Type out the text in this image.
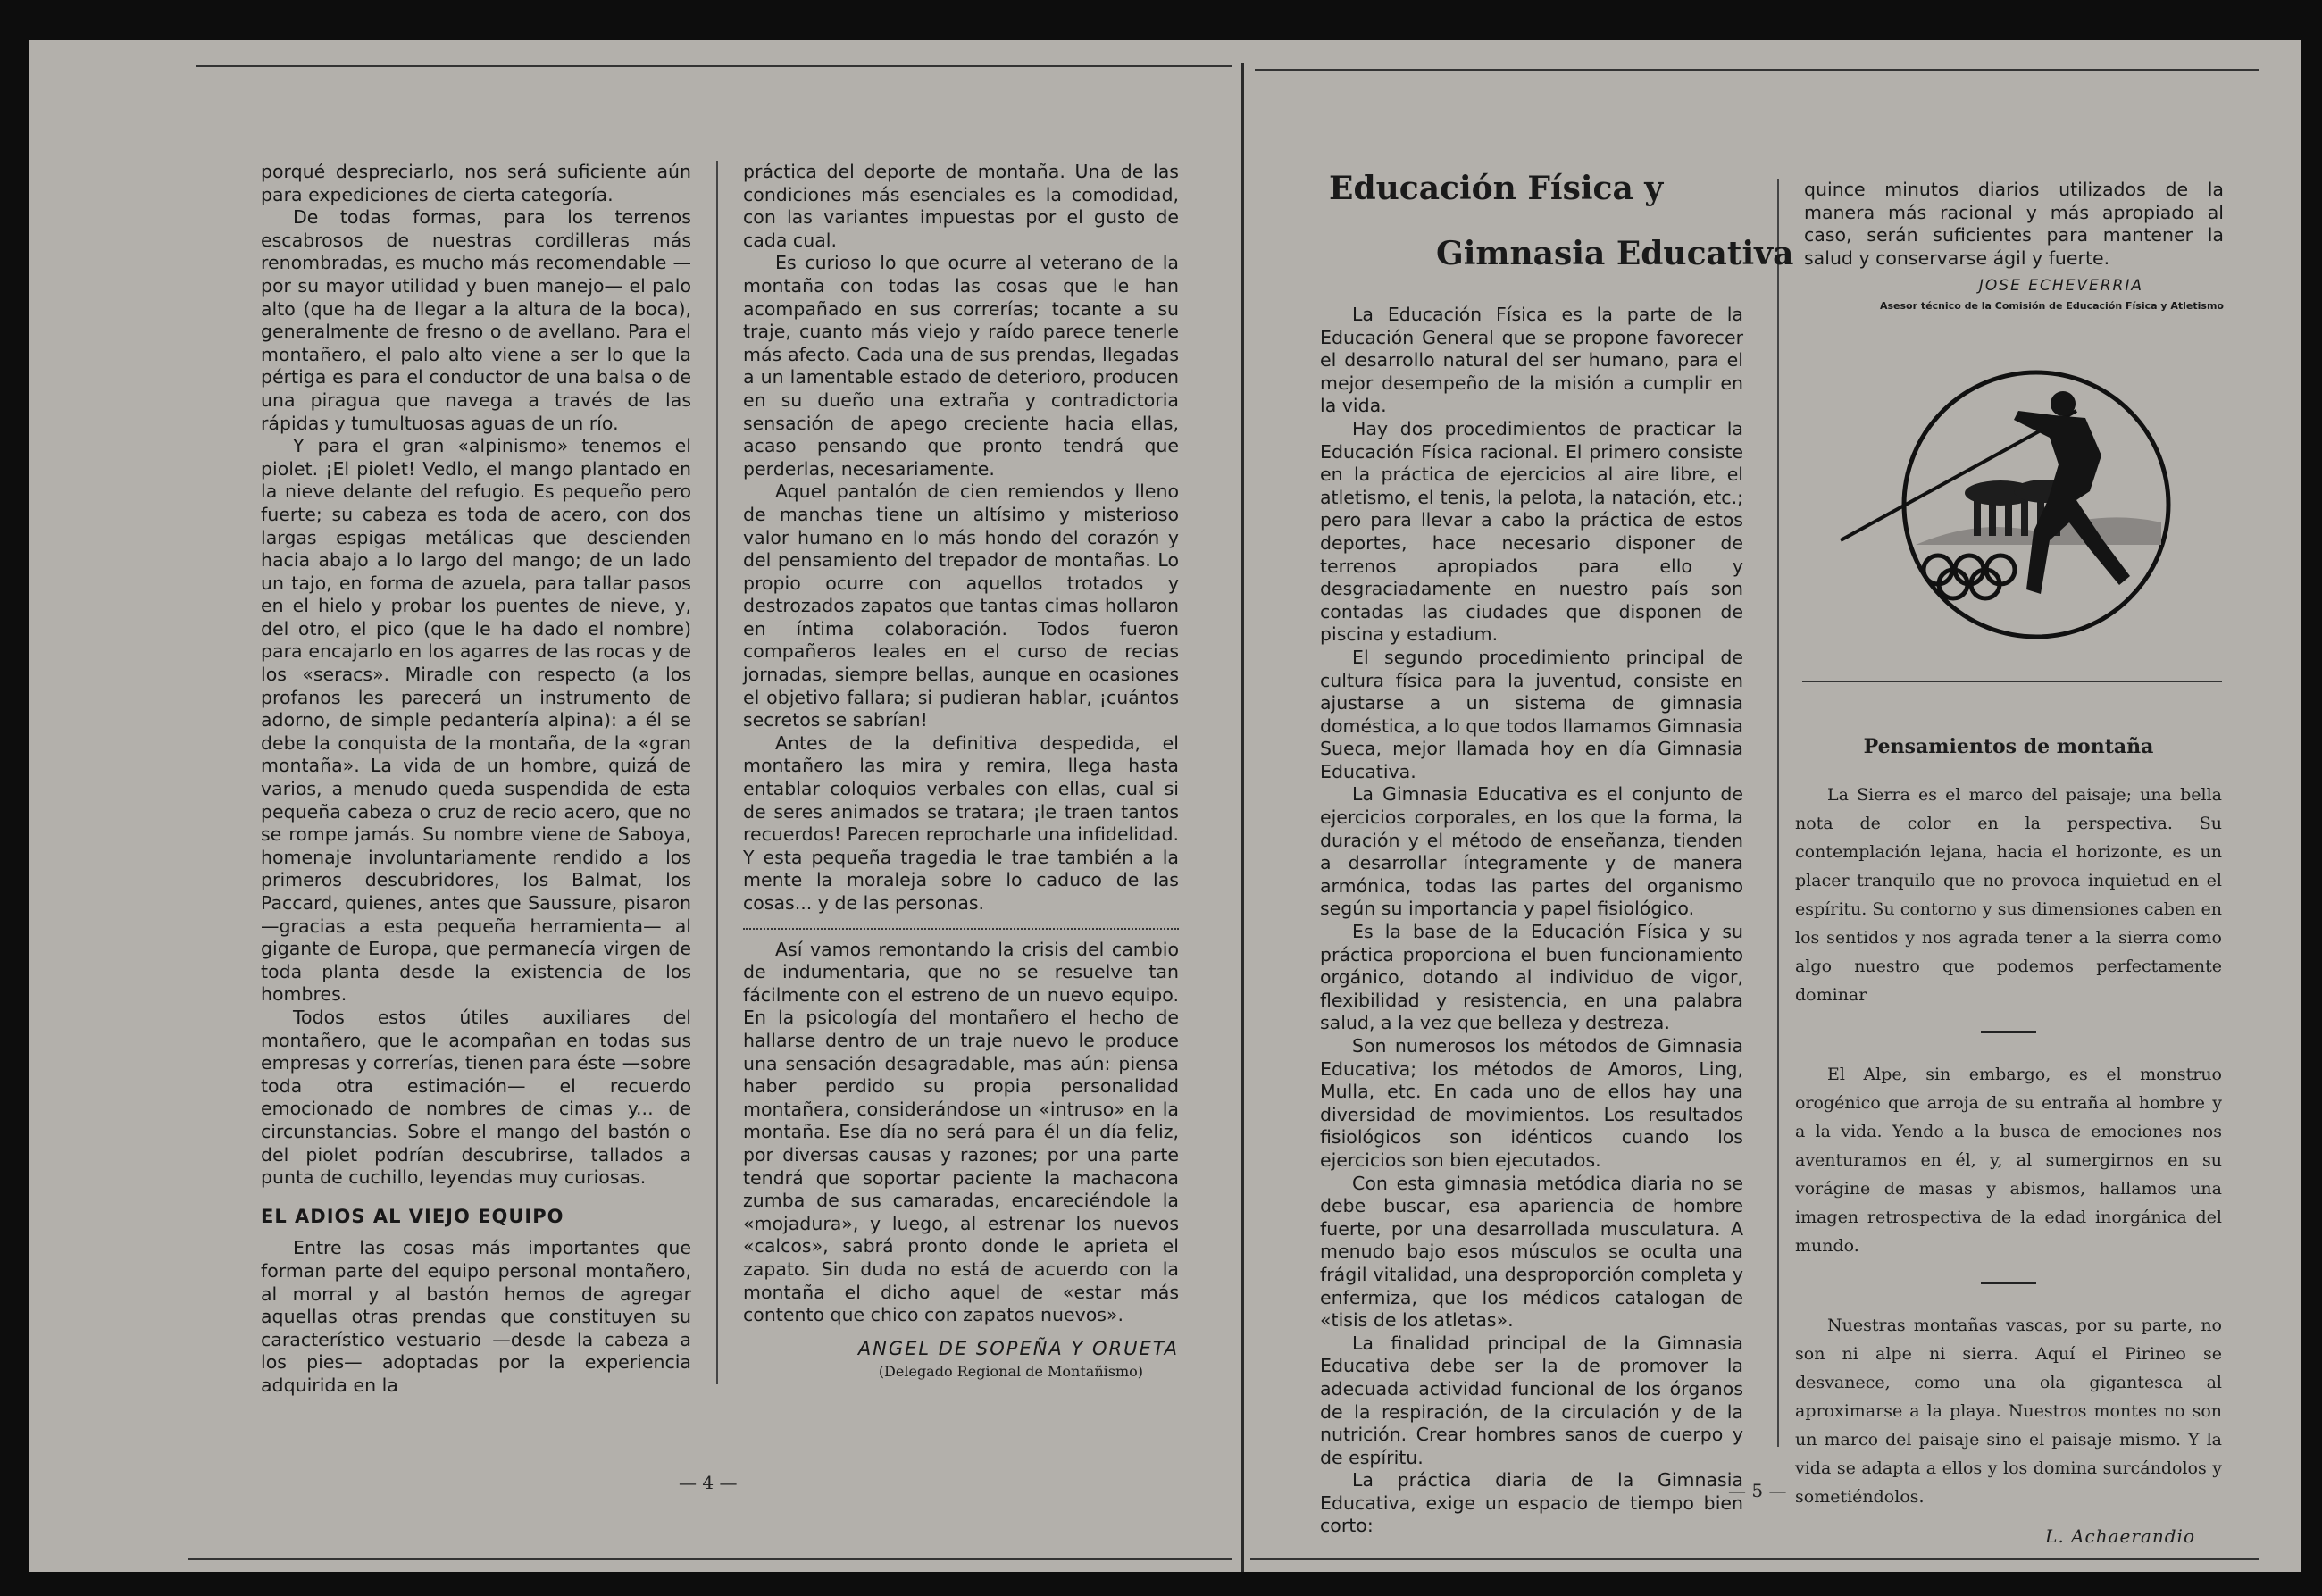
porqué despreciarlo, nos será suficiente aún para expediciones de cierta categoría.

De todas formas, para los terrenos escabrosos de nuestras cordilleras más renombradas, es mucho más recomendable —por su mayor utilidad y buen manejo— el palo alto (que ha de llegar a la altura de la boca), generalmente de fresno o de avellano. Para el montañero, el palo alto viene a ser lo que la pértiga es para el conductor de una balsa o de una piragua que navega a través de las rápidas y tumultuosas aguas de un río.

Y para el gran «alpinismo» tenemos el piolet. ¡El piolet! Vedlo, el mango plantado en la nieve delante del refugio. Es pequeño pero fuerte; su cabeza es toda de acero, con dos largas espigas metálicas que descienden hacia abajo a lo largo del mango; de un lado un tajo, en forma de azuela, para tallar pasos en el hielo y probar los puentes de nieve, y, del otro, el pico (que le ha dado el nombre) para encajarlo en los agarres de las rocas y de los «seracs». Miradle con respecto (a los profanos les parecerá un instrumento de adorno, de simple pedantería alpina): a él se debe la conquista de la montaña, de la «gran montaña». La vida de un hombre, quizá de varios, a menudo queda suspendida de esta pequeña cabeza o cruz de recio acero, que no se rompe jamás. Su nombre viene de Saboya, homenaje involuntariamente rendido a los primeros descubridores, los Balmat, los Paccard, quienes, antes que Saussure, pisaron —gracias a esta pequeña herramienta— al gigante de Europa, que permanecía virgen de toda planta desde la existencia de los hombres.

Todos estos útiles auxiliares del montañero, que le acompañan en todas sus empresas y correrías, tienen para éste —sobre toda otra estimación— el recuerdo emocionado de nombres de cimas y... de circunstancias. Sobre el mango del bastón o del piolet podrían descubrirse, tallados a punta de cuchillo, leyendas muy curiosas.

EL ADIOS AL VIEJO EQUIPO

Entre las cosas más importantes que forman parte del equipo personal montañero, al morral y al bastón hemos de agregar aquellas otras prendas que constituyen su característico vestuario —desde la cabeza a los pies— adoptadas por la experiencia adquirida en la

práctica del deporte de montaña. Una de las condiciones más esenciales es la comodidad, con las variantes impuestas por el gusto de cada cual.

Es curioso lo que ocurre al veterano de la montaña con todas las cosas que le han acompañado en sus correrías; tocante a su traje, cuanto más viejo y raído parece tenerle más afecto. Cada una de sus prendas, llegadas a un lamentable estado de deterioro, producen en su dueño una extraña y contradictoria sensación de apego creciente hacia ellas, acaso pensando que pronto tendrá que perderlas, necesariamente.

Aquel pantalón de cien remiendos y lleno de manchas tiene un altísimo y misterioso valor humano en lo más hondo del corazón y del pensamiento del trepador de montañas. Lo propio ocurre con aquellos trotados y destrozados zapatos que tantas cimas hollaron en íntima colaboración. Todos fueron compañeros leales en el curso de recias jornadas, siempre bellas, aunque en ocasiones el objetivo fallara; si pudieran hablar, ¡cuántos secretos se sabrían!

Antes de la definitiva despedida, el montañero las mira y remira, llega hasta entablar coloquios verbales con ellas, cual si de seres animados se tratara; ¡le traen tantos recuerdos! Parecen reprocharle una infidelidad. Y esta pequeña tragedia le trae también a la mente la moraleja sobre lo caduco de las cosas... y de las personas.

Así vamos remontando la crisis del cambio de indumentaria, que no se resuelve tan fácilmente con el estreno de un nuevo equipo. En la psicología del montañero el hecho de hallarse dentro de un traje nuevo le produce una sensación desagradable, mas aún: piensa haber perdido su propia personalidad montañera, considerándose un «intruso» en la montaña. Ese día no será para él un día feliz, por diversas causas y razones; por una parte tendrá que soportar paciente la machacona zumba de sus camaradas, encareciéndole la «mojadura», y luego, al estrenar los nuevos «calcos», sabrá pronto donde le aprieta el zapato. Sin duda no está de acuerdo con la montaña el dicho aquel de «estar más contento que chico con zapatos nuevos».

ANGEL DE SOPEÑA Y ORUETA
(Delegado Regional de Montañismo)
— 4 —
Educación Física y
Gimnasia Educativa

La Educación Física es la parte de la Educación General que se propone favorecer el desarrollo natural del ser humano, para el mejor desempeño de la misión a cumplir en la vida.

Hay dos procedimientos de practicar la Educación Física racional. El primero consiste en la práctica de ejercicios al aire libre, el atletismo, el tenis, la pelota, la natación, etc.; pero para llevar a cabo la práctica de estos deportes, hace necesario disponer de terrenos apropiados para ello y desgraciadamente en nuestro país son contadas las ciudades que disponen de piscina y estadium.

El segundo procedimiento principal de cultura física para la juventud, consiste en ajustarse a un sistema de gimnasia doméstica, a lo que todos llamamos Gimnasia Sueca, mejor llamada hoy en día Gimnasia Educativa.

La Gimnasia Educativa es el conjunto de ejercicios corporales, en los que la forma, la duración y el método de enseñanza, tienden a desarrollar íntegramente y de manera armónica, todas las partes del organismo según su importancia y papel fisiológico.

Es la base de la Educación Física y su práctica proporciona el buen funcionamiento orgánico, dotando al individuo de vigor, flexibilidad y resistencia, en una palabra salud, a la vez que belleza y destreza.

Son numerosos los métodos de Gimnasia Educativa; los métodos de Amoros, Ling, Mulla, etc. En cada uno de ellos hay una diversidad de movimientos. Los resultados fisiológicos son idénticos cuando los ejercicios son bien ejecutados.

Con esta gimnasia metódica diaria no se debe buscar, esa apariencia de hombre fuerte, por una desarrollada musculatura. A menudo bajo esos músculos se oculta una frágil vitalidad, una desproporción completa y enfermiza, que los médicos catalogan de «tisis de los atletas».

La finalidad principal de la Gimnasia Educativa debe ser la de promover la adecuada actividad funcional de los órganos de la respiración, de la circulación y de la nutrición. Crear hombres sanos de cuerpo y de espíritu.

La práctica diaria de la Gimnasia Educativa, exige un espacio de tiempo bien corto:

quince minutos diarios utilizados de la manera más racional y más apropiado al caso, serán suficientes para mantener la salud y conservarse ágil y fuerte.

JOSE ECHEVERRIA
Asesor técnico de la Comisión de Educación Física y Atletismo
Pensamientos de montaña

La Sierra es el marco del paisaje; una bella nota de color en la perspectiva. Su contemplación lejana, hacia el horizonte, es un placer tranquilo que no provoca inquietud en el espíritu. Su contorno y sus dimensiones caben en los sentidos y nos agrada tener a la sierra como algo nuestro que podemos perfectamente dominar

El Alpe, sin embargo, es el monstruo orogénico que arroja de su entraña al hombre y a la vida. Yendo a la busca de emociones nos aventuramos en él, y, al sumergirnos en su vorágine de masas y abismos, hallamos una imagen retrospectiva de la edad inorgánica del mundo.

Nuestras montañas vascas, por su parte, no son ni alpe ni sierra. Aquí el Pirineo se desvanece, como una ola gigantesca al aproximarse a la playa. Nuestros montes no son un marco del paisaje sino el paisaje mismo. Y la vida se adapta a ellos y los domina surcándolos y sometiéndolos.

L. Achaerandio
— 5 —
